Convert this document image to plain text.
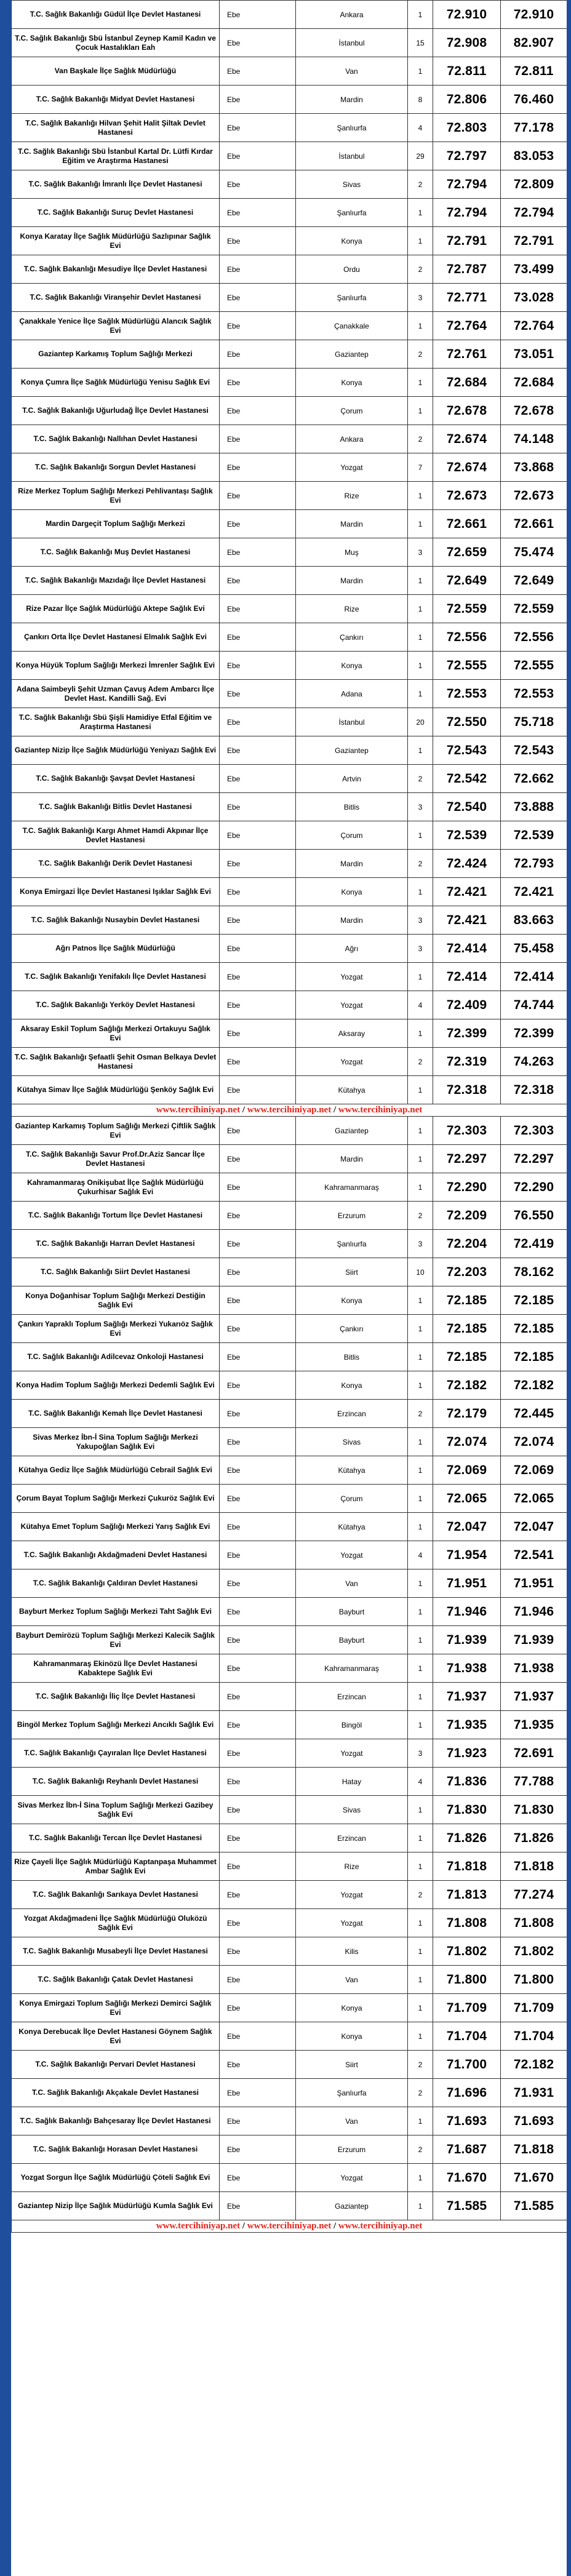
T.C. Sağlık Bakanlığı Güdül İlçe Devlet Hastanesi	Ebe	Ankara	1	72.910	72.910
T.C. Sağlık Bakanlığı Sbü İstanbul Zeynep Kamil Kadın ve Çocuk Hastalıkları Eah	Ebe	İstanbul	15	72.908	82.907
Van Başkale İlçe Sağlık Müdürlüğü	Ebe	Van	1	72.811	72.811
T.C. Sağlık Bakanlığı Midyat Devlet Hastanesi	Ebe	Mardin	8	72.806	76.460
T.C. Sağlık Bakanlığı Hilvan Şehit Halit Şiltak Devlet Hastanesi	Ebe	Şanlıurfa	4	72.803	77.178
T.C. Sağlık Bakanlığı Sbü İstanbul Kartal Dr. Lütfi Kırdar Eğitim ve Araştırma Hastanesi	Ebe	İstanbul	29	72.797	83.053
T.C. Sağlık Bakanlığı İmranlı İlçe Devlet Hastanesi	Ebe	Sivas	2	72.794	72.809
T.C. Sağlık Bakanlığı Suruç Devlet Hastanesi	Ebe	Şanlıurfa	1	72.794	72.794
Konya Karatay İlçe Sağlık Müdürlüğü Sazlıpınar Sağlık Evi	Ebe	Konya	1	72.791	72.791
T.C. Sağlık Bakanlığı Mesudiye İlçe Devlet Hastanesi	Ebe	Ordu	2	72.787	73.499
T.C. Sağlık Bakanlığı Viranşehir Devlet Hastanesi	Ebe	Şanlıurfa	3	72.771	73.028
Çanakkale Yenice İlçe Sağlık Müdürlüğü Alancık Sağlık Evi	Ebe	Çanakkale	1	72.764	72.764
Gaziantep Karkamış Toplum Sağlığı Merkezi	Ebe	Gaziantep	2	72.761	73.051
Konya Çumra İlçe Sağlık Müdürlüğü Yenisu Sağlık Evi	Ebe	Konya	1	72.684	72.684
T.C. Sağlık Bakanlığı Uğurludağ İlçe Devlet Hastanesi	Ebe	Çorum	1	72.678	72.678
T.C. Sağlık Bakanlığı Nallıhan Devlet Hastanesi	Ebe	Ankara	2	72.674	74.148
T.C. Sağlık Bakanlığı Sorgun Devlet Hastanesi	Ebe	Yozgat	7	72.674	73.868
Rize Merkez Toplum Sağlığı Merkezi Pehlivantaşı Sağlık Evi	Ebe	Rize	1	72.673	72.673
Mardin Dargeçit Toplum Sağlığı Merkezi	Ebe	Mardin	1	72.661	72.661
T.C. Sağlık Bakanlığı Muş Devlet Hastanesi	Ebe	Muş	3	72.659	75.474
T.C. Sağlık Bakanlığı Mazıdağı İlçe Devlet Hastanesi	Ebe	Mardin	1	72.649	72.649
Rize Pazar İlçe Sağlık Müdürlüğü Aktepe Sağlık Evi	Ebe	Rize	1	72.559	72.559
Çankırı Orta İlçe Devlet Hastanesi Elmalık Sağlık Evi	Ebe	Çankırı	1	72.556	72.556
Konya Hüyük Toplum Sağlığı Merkezi İmrenler Sağlık Evi	Ebe	Konya	1	72.555	72.555
Adana Saimbeyli Şehit Uzman Çavuş Adem Ambarcı İlçe Devlet Hast. Kandilli Sağ. Evi	Ebe	Adana	1	72.553	72.553
T.C. Sağlık Bakanlığı Sbü Şişli Hamidiye Etfal Eğitim ve Araştırma Hastanesi	Ebe	İstanbul	20	72.550	75.718
Gaziantep Nizip İlçe Sağlık Müdürlüğü Yeniyazı Sağlık Evi	Ebe	Gaziantep	1	72.543	72.543
T.C. Sağlık Bakanlığı Şavşat Devlet Hastanesi	Ebe	Artvin	2	72.542	72.662
T.C. Sağlık Bakanlığı Bitlis Devlet Hastanesi	Ebe	Bitlis	3	72.540	73.888
T.C. Sağlık Bakanlığı Kargı Ahmet Hamdi Akpınar İlçe Devlet Hastanesi	Ebe	Çorum	1	72.539	72.539
T.C. Sağlık Bakanlığı Derik Devlet Hastanesi	Ebe	Mardin	2	72.424	72.793
Konya Emirgazi İlçe Devlet Hastanesi Işıklar Sağlık Evi	Ebe	Konya	1	72.421	72.421
T.C. Sağlık Bakanlığı Nusaybin Devlet Hastanesi	Ebe	Mardin	3	72.421	83.663
Ağrı Patnos İlçe Sağlık Müdürlüğü	Ebe	Ağrı	3	72.414	75.458
T.C. Sağlık Bakanlığı Yenifakılı İlçe Devlet Hastanesi	Ebe	Yozgat	1	72.414	72.414
T.C. Sağlık Bakanlığı Yerköy Devlet Hastanesi	Ebe	Yozgat	4	72.409	74.744
Aksaray Eskil Toplum Sağlığı Merkezi Ortakuyu Sağlık Evi	Ebe	Aksaray	1	72.399	72.399
T.C. Sağlık Bakanlığı Şefaatli Şehit Osman Belkaya Devlet Hastanesi	Ebe	Yozgat	2	72.319	74.263
Kütahya Simav İlçe Sağlık Müdürlüğü Şenköy Sağlık Evi	Ebe	Kütahya	1	72.318	72.318
www.tercihiniyap.net / www.tercihiniyap.net / www.tercihiniyap.net					
Gaziantep Karkamış Toplum Sağlığı Merkezi Çiftlik Sağlık Evi	Ebe	Gaziantep	1	72.303	72.303
T.C. Sağlık Bakanlığı Savur Prof.Dr.Aziz Sancar İlçe Devlet Hastanesi	Ebe	Mardin	1	72.297	72.297
Kahramanmaraş Onikişubat İlçe Sağlık Müdürlüğü Çukurhisar Sağlık Evi	Ebe	Kahramanmaraş	1	72.290	72.290
T.C. Sağlık Bakanlığı Tortum İlçe Devlet Hastanesi	Ebe	Erzurum	2	72.209	76.550
T.C. Sağlık Bakanlığı Harran Devlet Hastanesi	Ebe	Şanlıurfa	3	72.204	72.419
T.C. Sağlık Bakanlığı Siirt Devlet Hastanesi	Ebe	Siirt	10	72.203	78.162
Konya Doğanhisar Toplum Sağlığı Merkezi Destiğin Sağlık Evi	Ebe	Konya	1	72.185	72.185
Çankırı Yapraklı Toplum Sağlığı Merkezi Yukarıöz Sağlık Evi	Ebe	Çankırı	1	72.185	72.185
T.C. Sağlık Bakanlığı Adilcevaz Onkoloji Hastanesi	Ebe	Bitlis	1	72.185	72.185
Konya Hadim Toplum Sağlığı Merkezi Dedemli Sağlık Evi	Ebe	Konya	1	72.182	72.182
T.C. Sağlık Bakanlığı Kemah İlçe Devlet Hastanesi	Ebe	Erzincan	2	72.179	72.445
Sivas Merkez İbn-İ Sina Toplum Sağlığı Merkezi Yakupoğlan Sağlık Evi	Ebe	Sivas	1	72.074	72.074
Kütahya Gediz İlçe Sağlık Müdürlüğü Cebrail Sağlık Evi	Ebe	Kütahya	1	72.069	72.069
Çorum Bayat Toplum Sağlığı Merkezi Çukuröz Sağlık Evi	Ebe	Çorum	1	72.065	72.065
Kütahya Emet Toplum Sağlığı Merkezi Yarış Sağlık Evi	Ebe	Kütahya	1	72.047	72.047
T.C. Sağlık Bakanlığı Akdağmadeni Devlet Hastanesi	Ebe	Yozgat	4	71.954	72.541
T.C. Sağlık Bakanlığı Çaldıran Devlet Hastanesi	Ebe	Van	1	71.951	71.951
Bayburt Merkez Toplum Sağlığı Merkezi Taht Sağlık Evi	Ebe	Bayburt	1	71.946	71.946
Bayburt Demirözü Toplum Sağlığı Merkezi Kalecik Sağlık Evi	Ebe	Bayburt	1	71.939	71.939
Kahramanmaraş Ekinözü İlçe Devlet Hastanesi Kabaktepe Sağlık Evi	Ebe	Kahramanmaraş	1	71.938	71.938
T.C. Sağlık Bakanlığı İliç İlçe Devlet Hastanesi	Ebe	Erzincan	1	71.937	71.937
Bingöl Merkez Toplum Sağlığı Merkezi Ancıklı Sağlık Evi	Ebe	Bingöl	1	71.935	71.935
T.C. Sağlık Bakanlığı Çayıralan İlçe Devlet Hastanesi	Ebe	Yozgat	3	71.923	72.691
T.C. Sağlık Bakanlığı Reyhanlı Devlet Hastanesi	Ebe	Hatay	4	71.836	77.788
Sivas Merkez İbn-İ Sina Toplum Sağlığı Merkezi Gazibey Sağlık Evi	Ebe	Sivas	1	71.830	71.830
T.C. Sağlık Bakanlığı Tercan İlçe Devlet Hastanesi	Ebe	Erzincan	1	71.826	71.826
Rize Çayeli İlçe Sağlık Müdürlüğü Kaptanpaşa Muhammet Ambar Sağlık Evi	Ebe	Rize	1	71.818	71.818
T.C. Sağlık Bakanlığı Sarıkaya Devlet Hastanesi	Ebe	Yozgat	2	71.813	77.274
Yozgat Akdağmadeni İlçe Sağlık Müdürlüğü Oluközü Sağlık Evi	Ebe	Yozgat	1	71.808	71.808
T.C. Sağlık Bakanlığı Musabeyli İlçe Devlet Hastanesi	Ebe	Kilis	1	71.802	71.802
T.C. Sağlık Bakanlığı Çatak Devlet Hastanesi	Ebe	Van	1	71.800	71.800
Konya Emirgazi Toplum Sağlığı Merkezi Demirci Sağlık Evi	Ebe	Konya	1	71.709	71.709
Konya Derebucak İlçe Devlet Hastanesi Göynem Sağlık Evi	Ebe	Konya	1	71.704	71.704
T.C. Sağlık Bakanlığı Pervari Devlet Hastanesi	Ebe	Siirt	2	71.700	72.182
T.C. Sağlık Bakanlığı Akçakale Devlet Hastanesi	Ebe	Şanlıurfa	2	71.696	71.931
T.C. Sağlık Bakanlığı Bahçesaray İlçe Devlet Hastanesi	Ebe	Van	1	71.693	71.693
T.C. Sağlık Bakanlığı Horasan Devlet Hastanesi	Ebe	Erzurum	2	71.687	71.818
Yozgat Sorgun İlçe Sağlık Müdürlüğü Çöteli Sağlık Evi	Ebe	Yozgat	1	71.670	71.670
Gaziantep Nizip İlçe Sağlık Müdürlüğü Kumla Sağlık Evi	Ebe	Gaziantep	1	71.585	71.585
www.tercihiniyap.net / www.tercihiniyap.net / www.tercihiniyap.net					
